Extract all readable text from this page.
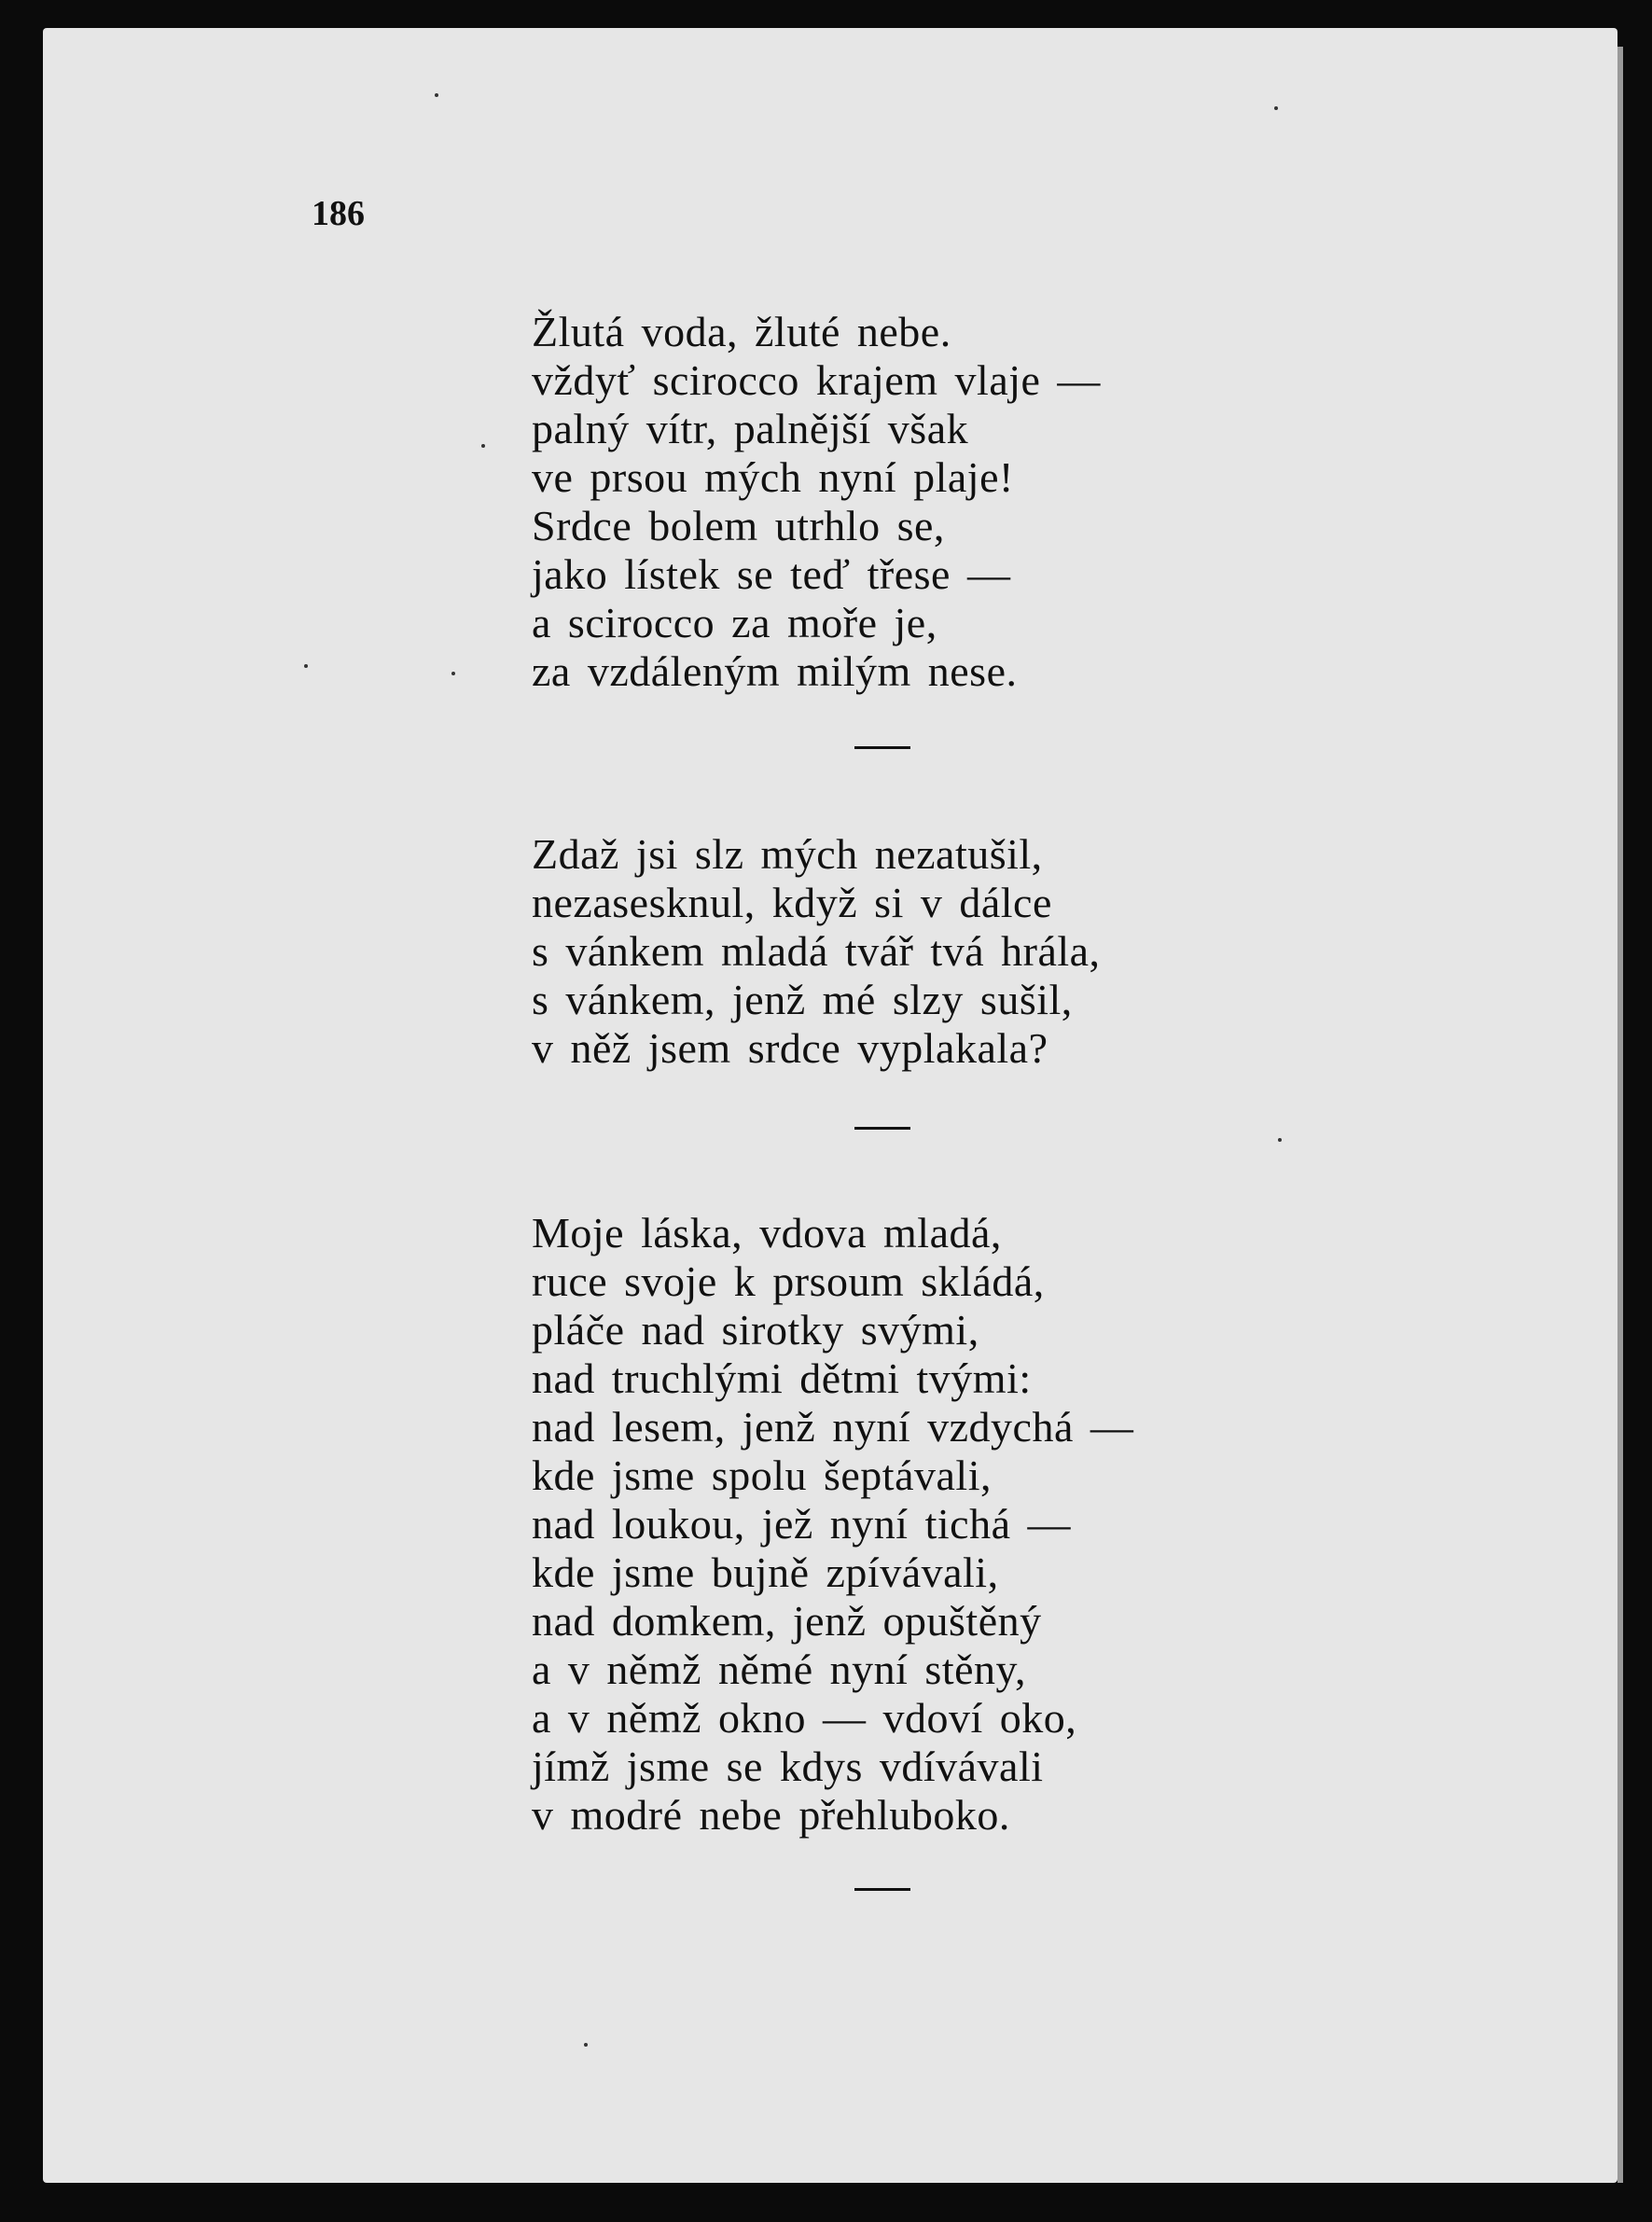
186
Žlutá voda, žluté nebe.
vždyť scirocco krajem vlaje —
palný vítr, palnější však
ve prsou mých nyní plaje!
Srdce bolem utrhlo se,
jako lístek se teď třese —
a scirocco za moře je,
za vzdáleným milým nese.
Zdaž jsi slz mých nezatušil,
nezasesknul, když si v dálce
s vánkem mladá tvář tvá hrála,
s vánkem, jenž mé slzy sušil,
v něž jsem srdce vyplakala?
Moje láska, vdova mladá,
ruce svoje k prsoum skládá,
pláče nad sirotky svými,
nad truchlými dětmi tvými:
nad lesem, jenž nyní vzdychá —
kde jsme spolu šeptávali,
nad loukou, jež nyní tichá —
kde jsme bujně zpívávali,
nad domkem, jenž opuštěný
a v němž němé nyní stěny,
a v němž okno — vdoví oko,
jímž jsme se kdys vdívávali
v modré nebe přehluboko.
